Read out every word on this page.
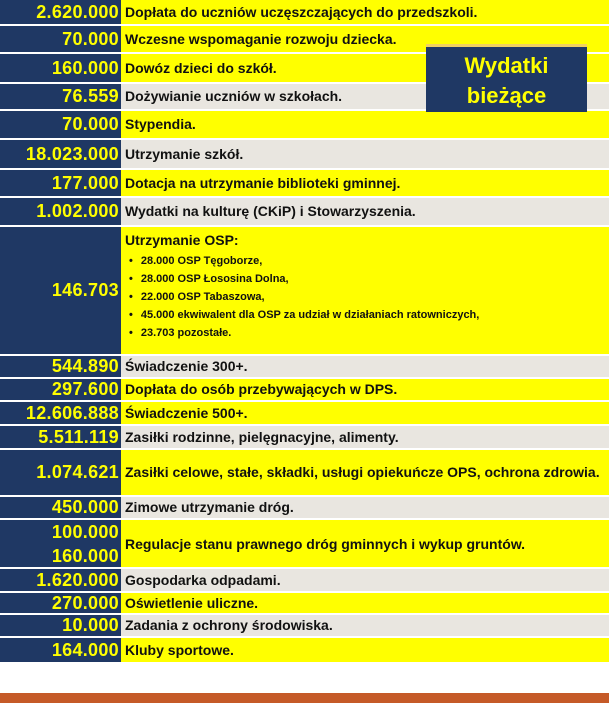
2.620.000 Dopłata do uczniów uczęszczających do przedszkoli.
70.000 Wczesne wspomaganie rozwoju dziecka.
160.000 Dowóz dzieci do szkół.
76.559 Dożywianie uczniów w szkołach.
70.000 Stypendia.
18.023.000 Utrzymanie szkół.
177.000 Dotacja na utrzymanie biblioteki gminnej.
1.002.000 Wydatki na kulturę (CKiP) i Stowarzyszenia.
146.703
Utrzymanie OSP:
• 28.000 OSP Tęgoborze,
• 28.000 OSP Łososina Dolna,
• 22.000 OSP Tabaszowa,
• 45.000 ekwiwalent dla OSP za udział w działaniach ratowniczych,
• 23.703 pozostałe.
544.890 Świadczenie 300+.
297.600 Dopłata do osób przebywających w DPS.
12.606.888 Świadczenie 500+.
5.511.119 Zasiłki rodzinne, pielęgnacyjne, alimenty.
1.074.621 Zasiłki celowe, stałe, składki, usługi opiekuńcze OPS, ochrona zdrowia.
450.000 Zimowe utrzymanie dróg.
100.000
160.000
Regulacje stanu prawnego dróg gminnych i wykup gruntów.
1.620.000 Gospodarka odpadami.
270.000 Oświetlenie uliczne.
10.000 Zadania z ochrony środowiska.
164.000 Kluby sportowe.
Wydatki
bieżące
